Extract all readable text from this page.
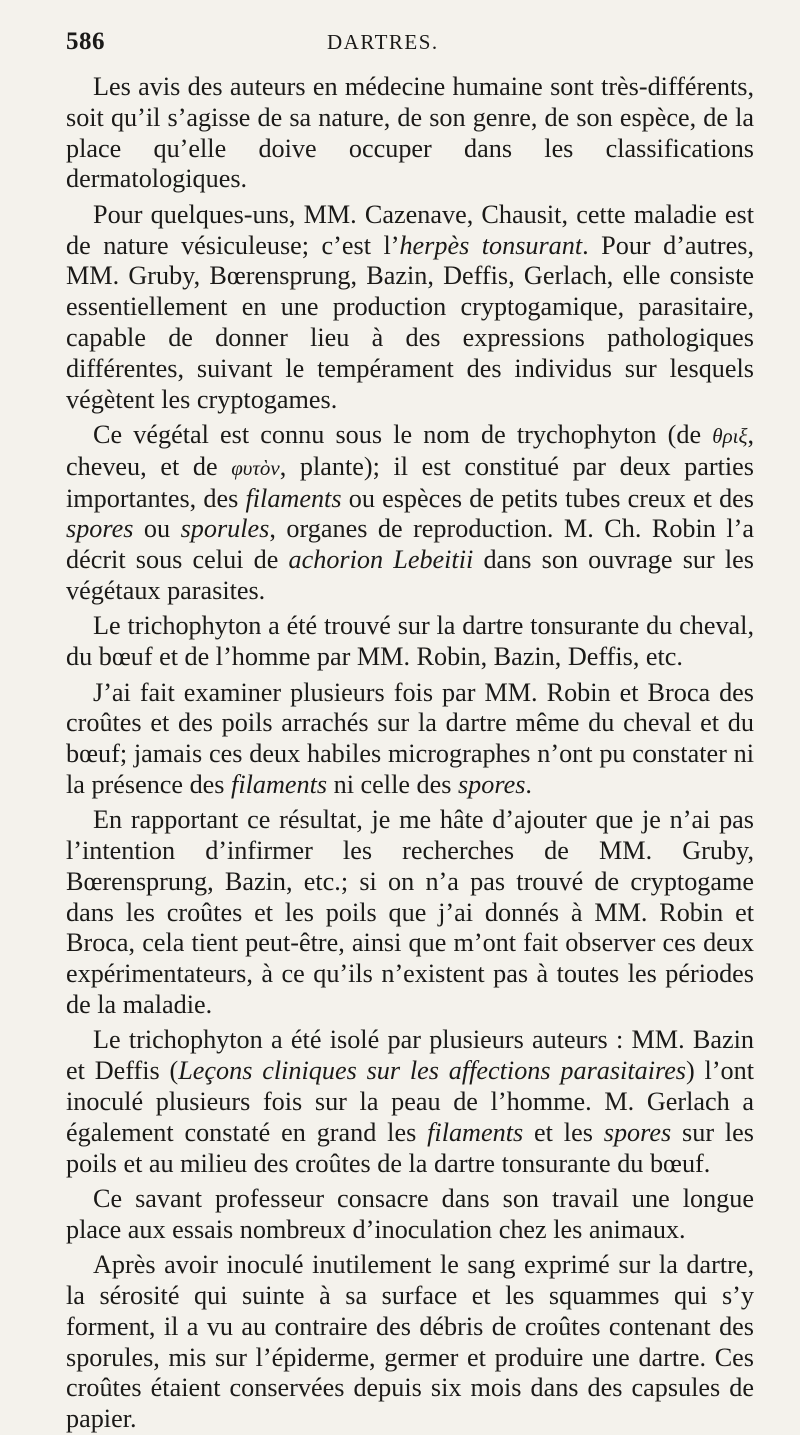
586	DARTRES.

Les avis des auteurs en médecine humaine sont très-différents, soit qu’il s’agisse de sa nature, de son genre, de son espèce, de la place qu’elle doive occuper dans les classifications dermatologiques.

Pour quelques-uns, MM. Cazenave, Chausit, cette maladie est de nature vésiculeuse; c’est l’herpès tonsurant. Pour d’autres, MM. Gruby, Bœrensprung, Bazin, Deffis, Gerlach, elle consiste essentiellement en une production cryptogamique, parasitaire, capable de donner lieu à des expressions pathologiques différentes, suivant le tempérament des individus sur lesquels végètent les cryptogames.

Ce végétal est connu sous le nom de trychophyton (de θριξ, cheveu, et de φυτὸν, plante); il est constitué par deux parties importantes, des filaments ou espèces de petits tubes creux et des spores ou sporules, organes de reproduction. M. Ch. Robin l’a décrit sous celui de achorion Lebeitii dans son ouvrage sur les végétaux parasites.

Le trichophyton a été trouvé sur la dartre tonsurante du cheval, du bœuf et de l’homme par MM. Robin, Bazin, Deffis, etc.

J’ai fait examiner plusieurs fois par MM. Robin et Broca des croûtes et des poils arrachés sur la dartre même du cheval et du bœuf; jamais ces deux habiles micrographes n’ont pu constater ni la présence des filaments ni celle des spores.

En rapportant ce résultat, je me hâte d’ajouter que je n’ai pas l’intention d’infirmer les recherches de MM. Gruby, Bœrensprung, Bazin, etc.; si on n’a pas trouvé de cryptogame dans les croûtes et les poils que j’ai donnés à MM. Robin et Broca, cela tient peut-être, ainsi que m’ont fait observer ces deux expérimentateurs, à ce qu’ils n’existent pas à toutes les périodes de la maladie.

Le trichophyton a été isolé par plusieurs auteurs : MM. Bazin et Deffis (Leçons cliniques sur les affections parasitaires) l’ont inoculé plusieurs fois sur la peau de l’homme. M. Gerlach a également constaté en grand les filaments et les spores sur les poils et au milieu des croûtes de la dartre tonsurante du bœuf.

Ce savant professeur consacre dans son travail une longue place aux essais nombreux d’inoculation chez les animaux.

Après avoir inoculé inutilement le sang exprimé sur la dartre, la sérosité qui suinte à sa surface et les squammes qui s’y forment, il a vu au contraire des débris de croûtes contenant des sporules, mis sur l’épiderme, germer et produire une dartre. Ces croûtes étaient conservées depuis six mois dans des capsules de papier.
